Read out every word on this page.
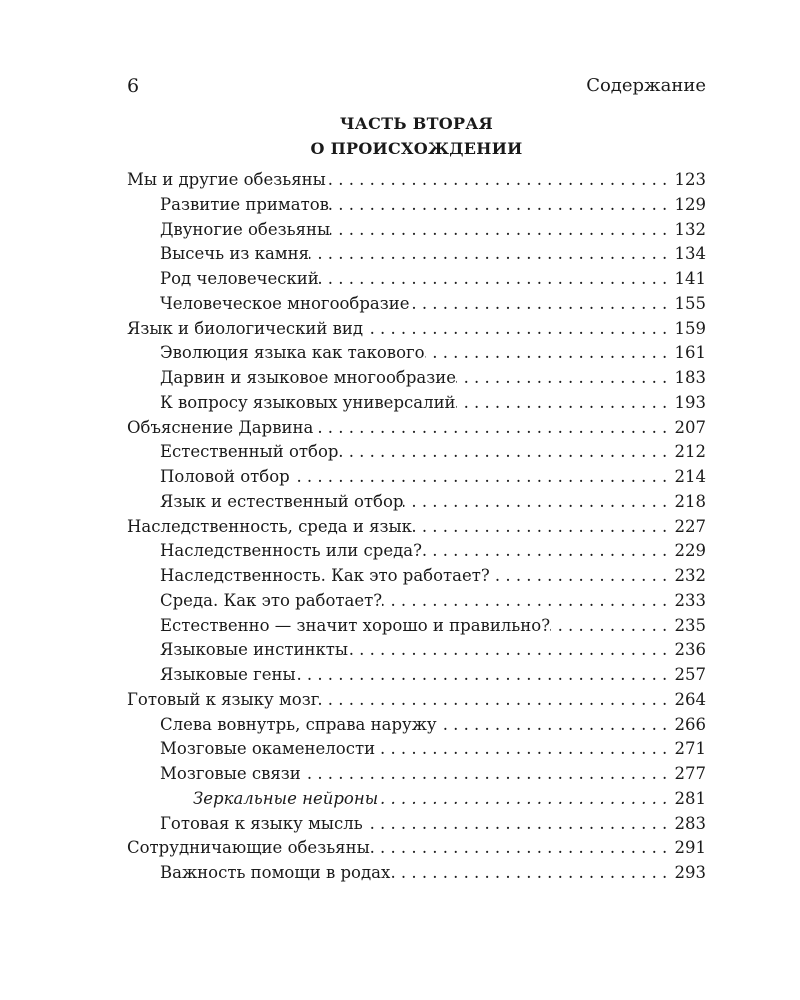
6	Содержание
ЧАСТЬ ВТОРАЯ
О ПРОИСХОЖДЕНИИ
Мы и другие обезьяны .....	123
Развитие приматов .....	129
Двуногие обезьяны .....	132
Высечь из камня .....	134
Род человеческий .....	141
Человеческое многообразие .....	155
Язык и биологический вид .....	159
Эволюция языка как такового .....	161
Дарвин и языковое многообразие .....	183
К вопросу языковых универсалий .....	193
Объяснение Дарвина .....	207
Естественный отбор .....	212
Половой отбор .....	214
Язык и естественный отбор .....	218
Наследственность, среда и язык .....	227
Наследственность или среда? .....	229
Наследственность. Как это работает? .....	232
Среда. Как это работает? .....	233
Естественно — значит хорошо и правильно? .....	235
Языковые инстинкты .....	236
Языковые гены .....	257
Готовый к языку мозг .....	264
Слева вовнутрь, справа наружу .....	266
Мозговые окаменелости .....	271
Мозговые связи .....	277
Зеркальные нейроны .....	281
Готовая к языку мысль .....	283
Сотрудничающие обезьяны .....	291
Важность помощи в родах .....	293
